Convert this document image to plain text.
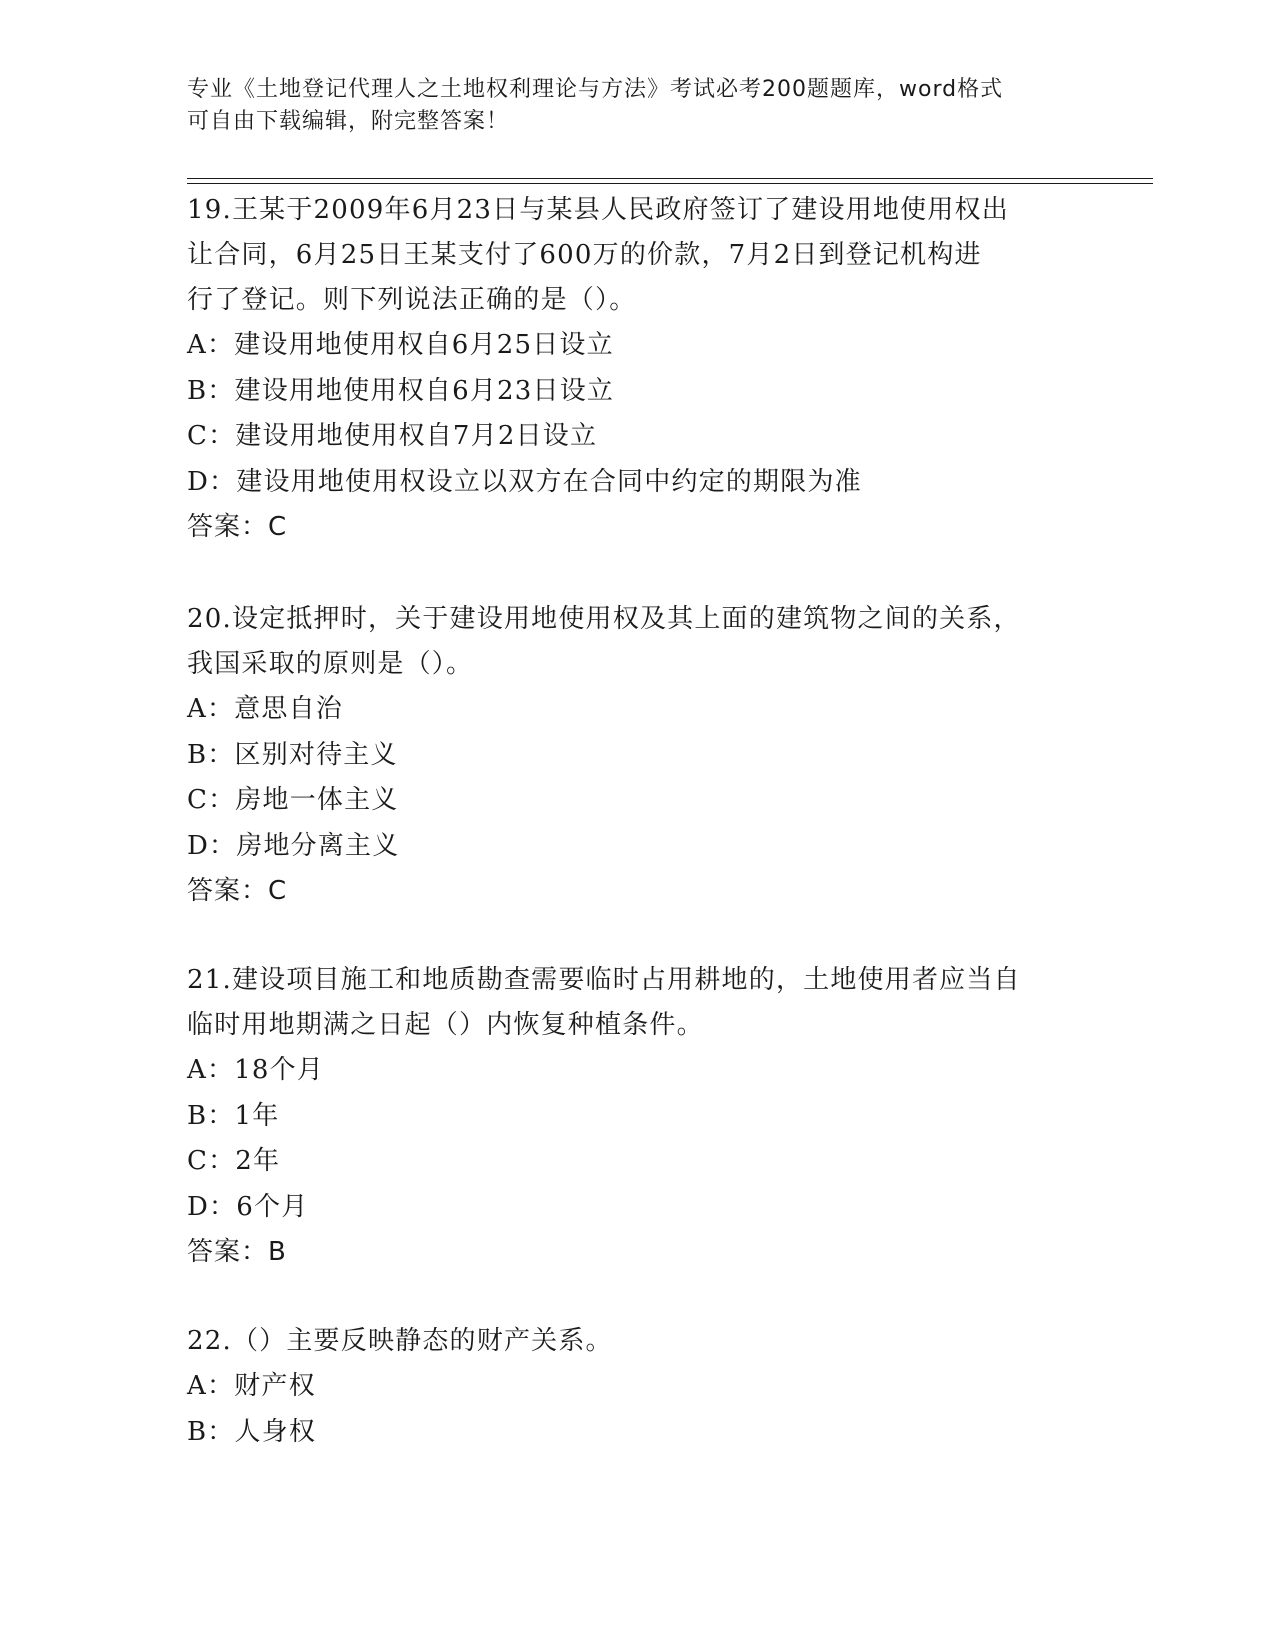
专业《土地登记代理人之土地权利理论与方法》考试必考200题题库，word格式
可自由下载编辑，附完整答案！

19.王某于2009年6月23日与某县人民政府签订了建设用地使用权出

让合同，6月25日王某支付了600万的价款，7月2日到登记机构进

行了登记。则下列说法正确的是（）。

A：建设用地使用权自6月25日设立

B：建设用地使用权自6月23日设立

C：建设用地使用权自7月2日设立

D：建设用地使用权设立以双方在合同中约定的期限为准

答案：C

20.设定抵押时，关于建设用地使用权及其上面的建筑物之间的关系，

我国采取的原则是（）。

A：意思自治

B：区别对待主义

C：房地一体主义

D：房地分离主义

答案：C

21.建设项目施工和地质勘查需要临时占用耕地的，土地使用者应当自

临时用地期满之日起（）内恢复种植条件。

A：18个月

B：1年

C：2年

D：6个月

答案：B

22.（）主要反映静态的财产关系。

A：财产权

B：人身权
